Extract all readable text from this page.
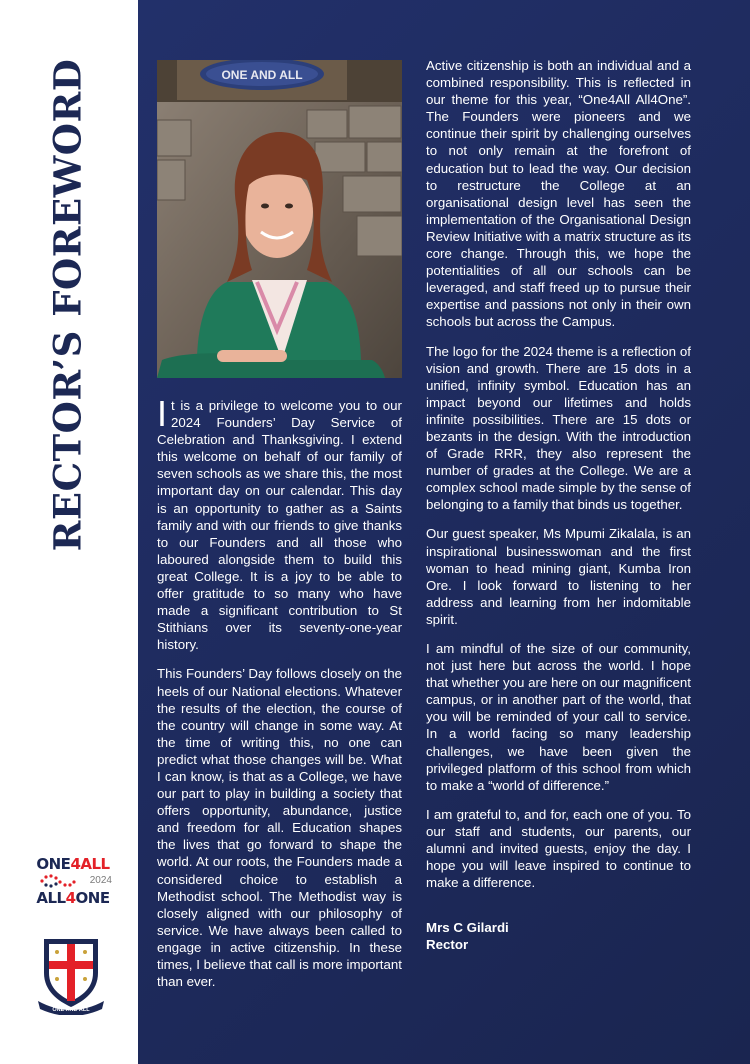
RECTOR’S FOREWORD
ONE4ALL
2024
ALL4ONE
ONE AND ALL
ONE AND ALL

It is a privilege to welcome you to our 2024 Founders’ Day Service of Celebration and Thanksgiving. I extend this welcome on behalf of our family of seven schools as we share this, the most important day on our calendar. This day is an opportunity to gather as a Saints family and with our friends to give thanks to our Founders and all those who laboured alongside them to build this great College. It is a joy to be able to offer gratitude to so many who have made a significant contribution to St Stithians over its seventy-one-year history.

This Founders’ Day follows closely on the heels of our National elections. Whatever the results of the election, the course of the country will change in some way. At the time of writing this, no one can predict what those changes will be. What I can know, is that as a College, we have our part to play in building a society that offers opportunity, abundance, justice and freedom for all. Education shapes the lives that go forward to shape the world. At our roots, the Founders made a considered choice to establish a Methodist school. The Methodist way is closely aligned with our philosophy of service. We have always been called to engage in active citizenship. In these times, I believe that call is more important than ever.

Active citizenship is both an individual and a combined responsibility. This is reflected in our theme for this year, “One4All All4One”. The Founders were pioneers and we continue their spirit by challenging ourselves to not only remain at the forefront of education but to lead the way. Our decision to restructure the College at an organisational design level has seen the implementation of the Organisational Design Review Initiative with a matrix structure as its core change. Through this, we hope the potentialities of all our schools can be leveraged, and staff freed up to pursue their expertise and passions not only in their own schools but across the Campus.

The logo for the 2024 theme is a reflection of vision and growth. There are 15 dots in a unified, infinity symbol. Education has an impact beyond our lifetimes and holds infinite possibilities. There are 15 dots or bezants in the design. With the introduction of Grade RRR, they also represent the number of grades at the College. We are a complex school made simple by the sense of belonging to a family that binds us together.

Our guest speaker, Ms Mpumi Zikalala, is an inspirational businesswoman and the first woman to head mining giant, Kumba Iron Ore. I look forward to listening to her address and learning from her indomitable spirit.

I am mindful of the size of our community, not just here but across the world. I hope that whether you are here on our magnificent campus, or in another part of the world, that you will be reminded of your call to service. In a world facing so many leadership challenges, we have been given the privileged platform of this school from which to make a “world of difference.”

I am grateful to, and for, each one of you. To our staff and students, our parents, our alumni and invited guests, enjoy the day. I hope you will leave inspired to continue to make a difference.

Mrs C Gilardi
Rector
